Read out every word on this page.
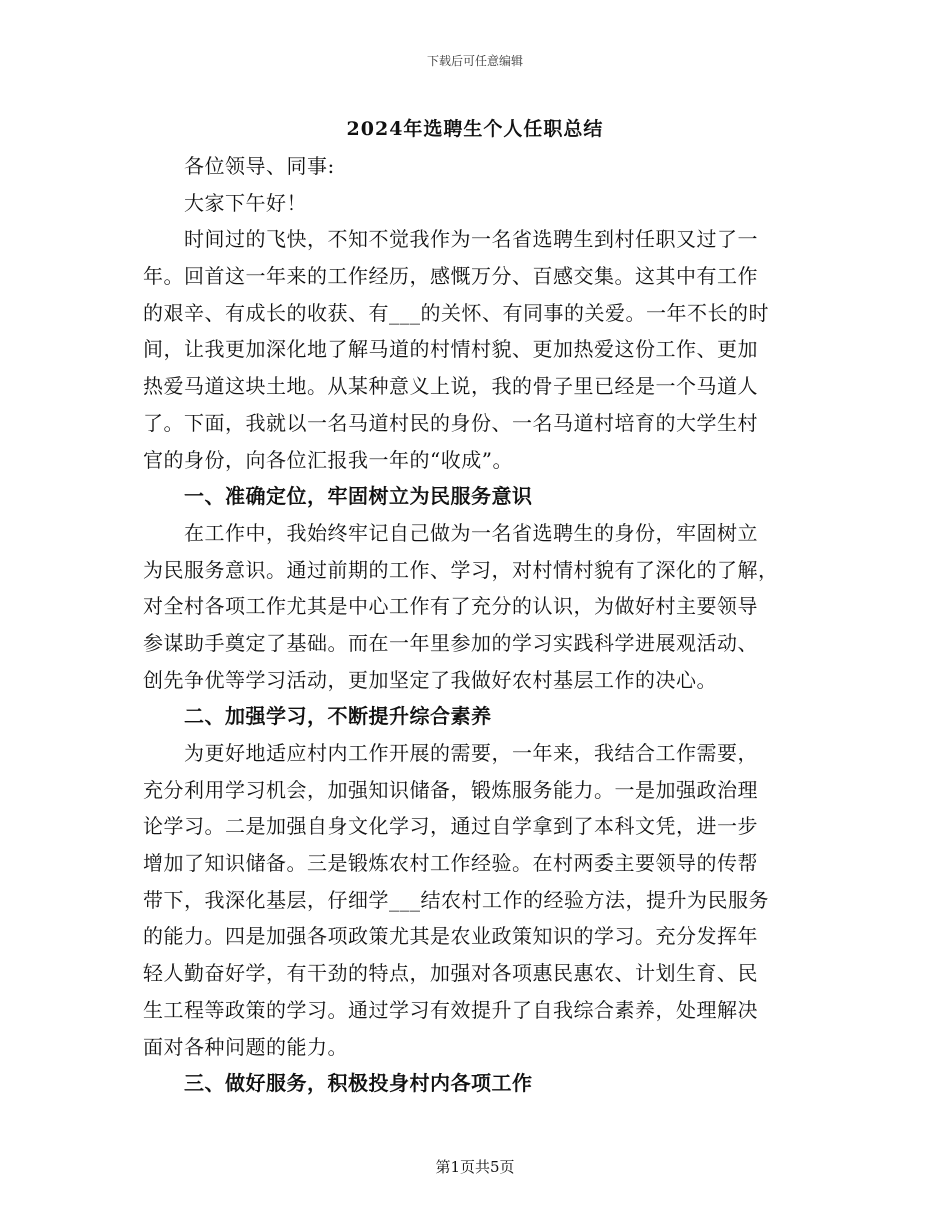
下载后可任意编辑
2024年选聘生个人任职总结
各位领导、同事:
大家下午好！
时间过的飞快，不知不觉我作为一名省选聘生到村任职又过了一
年。回首这一年来的工作经历，感慨万分、百感交集。这其中有工作
的艰辛、有成长的收获、有___的关怀、有同事的关爱。一年不长的时
间，让我更加深化地了解马道的村情村貌、更加热爱这份工作、更加
热爱马道这块土地。从某种意义上说，我的骨子里已经是一个马道人
了。下面，我就以一名马道村民的身份、一名马道村培育的大学生村
官的身份，向各位汇报我一年的“收成”。
一、准确定位，牢固树立为民服务意识
在工作中，我始终牢记自己做为一名省选聘生的身份，牢固树立
为民服务意识。通过前期的工作、学习，对村情村貌有了深化的了解，
对全村各项工作尤其是中心工作有了充分的认识，为做好村主要领导
参谋助手奠定了基础。而在一年里参加的学习实践科学进展观活动、
创先争优等学习活动，更加坚定了我做好农村基层工作的决心。
二、加强学习，不断提升综合素养
为更好地适应村内工作开展的需要，一年来，我结合工作需要，
充分利用学习机会，加强知识储备，锻炼服务能力。一是加强政治理
论学习。二是加强自身文化学习，通过自学拿到了本科文凭，进一步
增加了知识储备。三是锻炼农村工作经验。在村两委主要领导的传帮
带下，我深化基层，仔细学___结农村工作的经验方法，提升为民服务
的能力。四是加强各项政策尤其是农业政策知识的学习。充分发挥年
轻人勤奋好学，有干劲的特点，加强对各项惠民惠农、计划生育、民
生工程等政策的学习。通过学习有效提升了自我综合素养，处理解决
面对各种问题的能力。
三、做好服务，积极投身村内各项工作
第1页共5页
